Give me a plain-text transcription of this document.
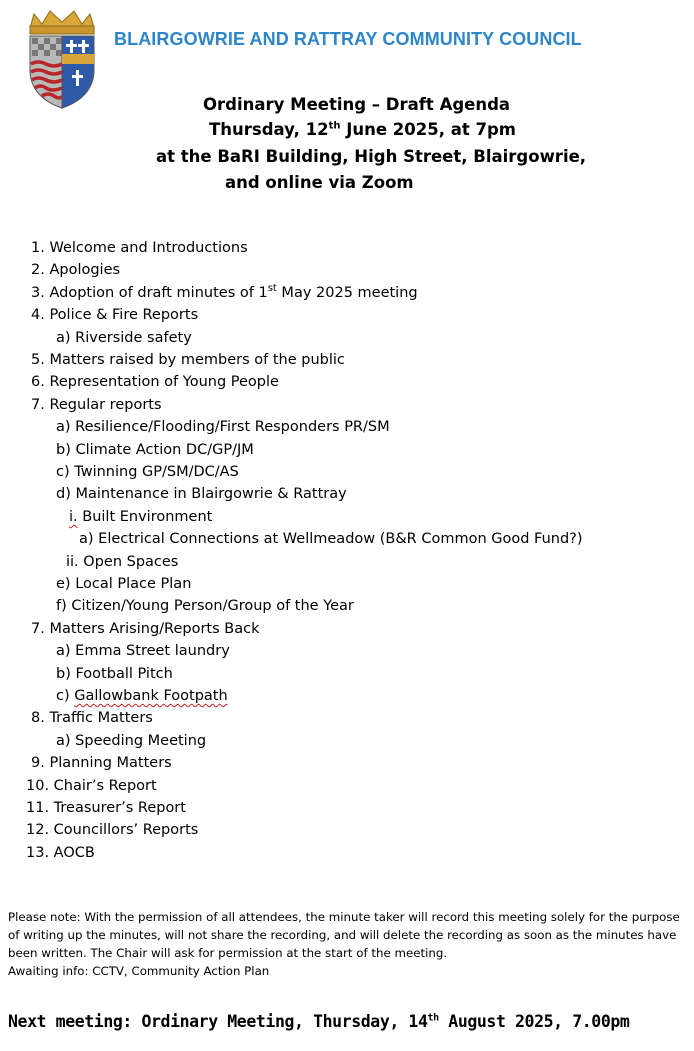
BLAIRGOWRIE AND RATTRAY COMMUNITY COUNCIL
Ordinary Meeting – Draft Agenda
Thursday, 12th June 2025, at 7pm
at the BaRI Building, High Street, Blairgowrie,
and online via Zoom
1. Welcome and Introductions
2. Apologies
3. Adoption of draft minutes of 1st May 2025 meeting
4. Police & Fire Reports
a) Riverside safety
5. Matters raised by members of the public
6. Representation of Young People
7. Regular reports
a) Resilience/Flooding/First Responders PR/SM
b) Climate Action DC/GP/JM
c) Twinning GP/SM/DC/AS
d) Maintenance in Blairgowrie & Rattray
i. Built Environment
a) Electrical Connections at Wellmeadow (B&R Common Good Fund?)
ii. Open Spaces
e) Local Place Plan
f) Citizen/Young Person/Group of the Year
7. Matters Arising/Reports Back
a) Emma Street laundry
b) Football Pitch
c) Gallowbank Footpath
8. Traffic Matters
a) Speeding Meeting
9. Planning Matters
10. Chair’s Report
11. Treasurer’s Report
12. Councillors’ Reports
13. AOCB

Please note: With the permission of all attendees, the minute taker will record this meeting solely for the purpose of writing up the minutes, will not share the recording, and will delete the recording as soon as the minutes have been written. The Chair will ask for permission at the start of the meeting.

Awaiting info: CCTV, Community Action Plan

Next meeting: Ordinary Meeting, Thursday, 14th August 2025, 7.00pm
